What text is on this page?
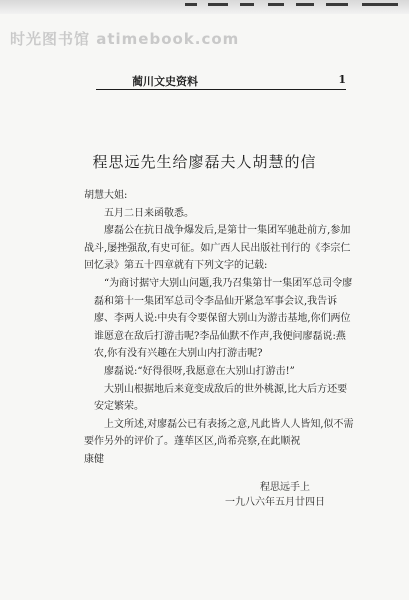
时光图书馆 atimebook.com
蔺川文史资料	1
程思远先生给廖磊夫人胡慧的信

胡慧大姐:

五月二日来函敬悉。

廖磊公在抗日战争爆发后,是第廿一集团军驰赴前方,参加战斗,屡挫强敌,有史可征。如广西人民出版社刊行的《李宗仁回忆录》第五十四章就有下列文字的记载:

“为商讨据守大别山问题,我乃召集第廿一集团军总司令廖磊和第十一集团军总司令李品仙开紧急军事会议,我告诉廖、李两人说:中央有令要保留大别山为游击基地,你们两位谁愿意在敌后打游击呢?李品仙默不作声,我便问廖磊说:燕农,你有没有兴趣在大别山内打游击呢?

廖磊说:“好得很呀,我愿意在大别山打游击!”

大别山根据地后来竟变成敌后的世外桃源,比大后方还要安定繁荣。

上文所述,对廖磊公已有表扬之意,凡此皆人人皆知,似不需要作另外的评价了。蓬荜区区,尚希亮察,在此顺祝

康健

程思远手上
一九八六年五月廿四日
